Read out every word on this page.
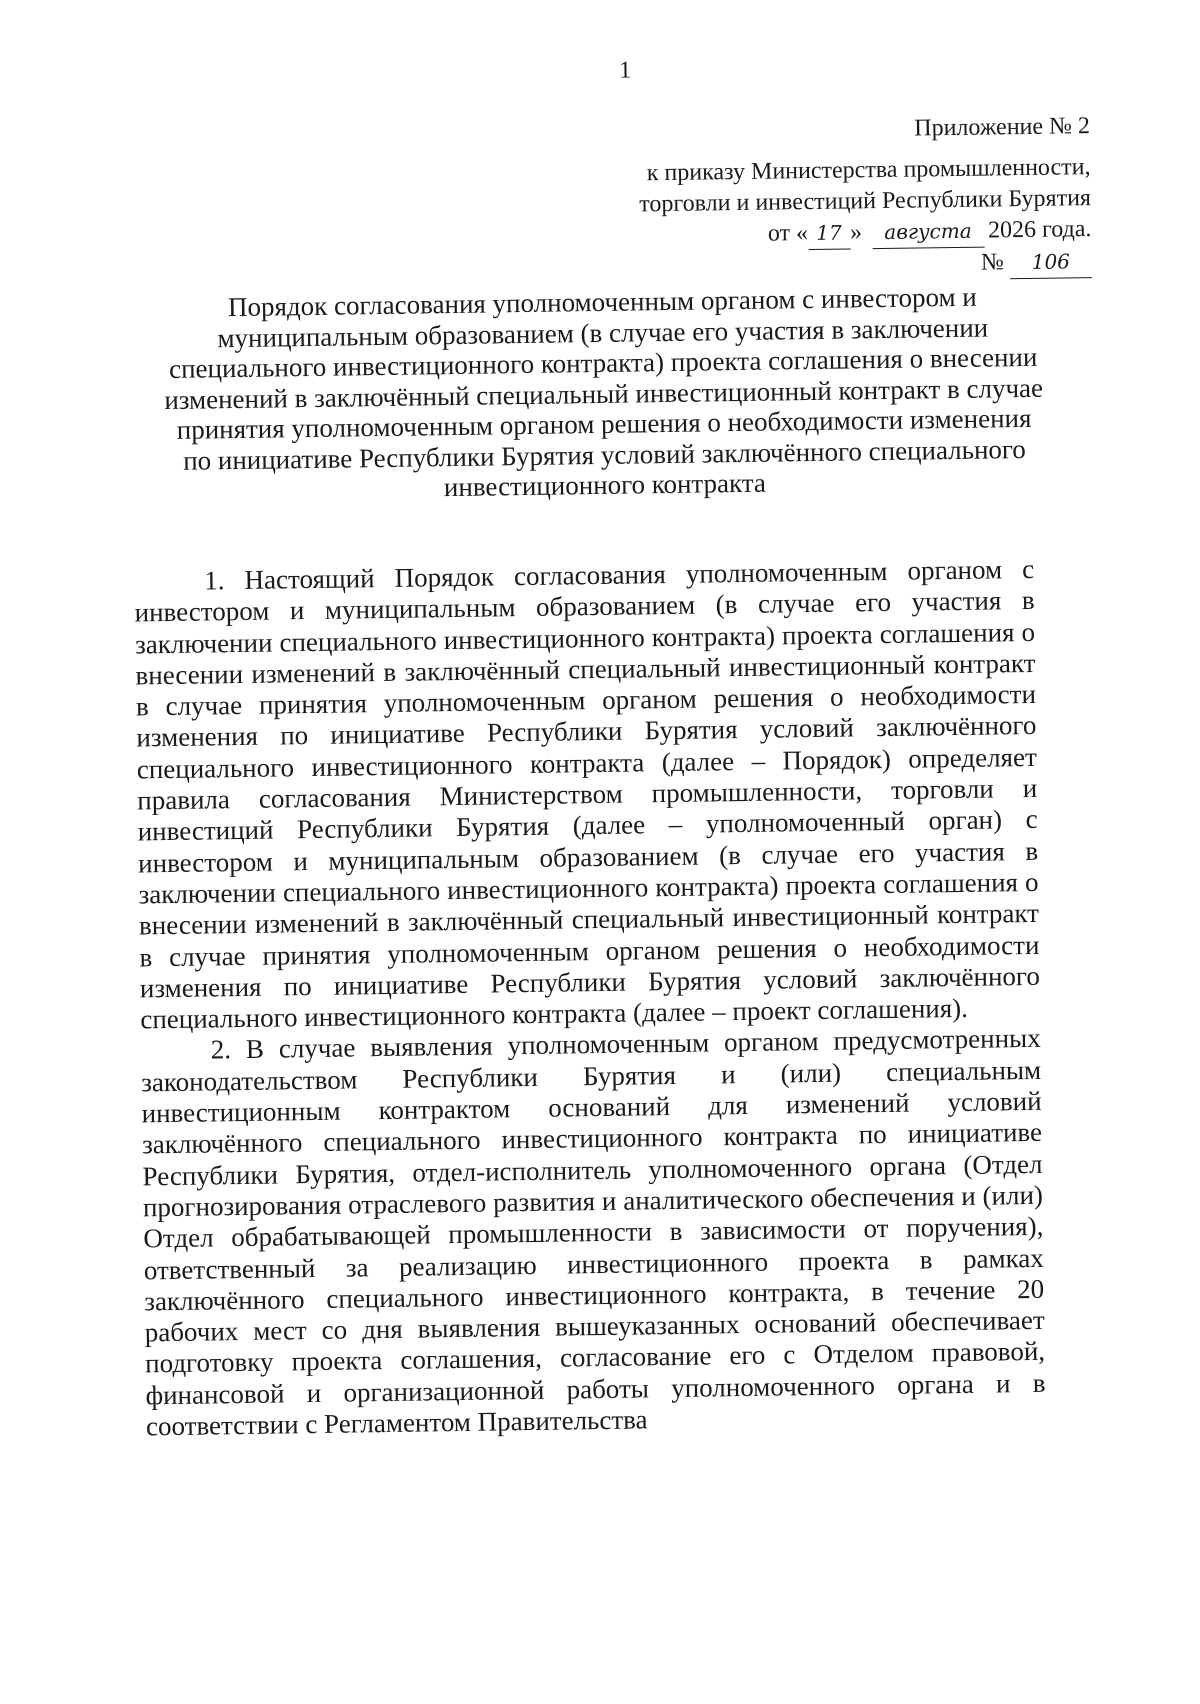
1
Приложение № 2
к приказу Министерства промышленности,
торговли и инвестиций Республики Бурятия
от « 17 » августа 2026 года.
№ 106
Порядок согласования уполномоченным органом с инвестором и муниципальным образованием (в случае его участия в заключении специального инвестиционного контракта) проекта соглашения о внесении изменений в заключённый специальный инвестиционный контракт в случае принятия уполномоченным органом решения о необходимости изменения по инициативе Республики Бурятия условий заключённого специального инвестиционного контракта

1. Настоящий Порядок согласования уполномоченным органом с инвестором и муниципальным образованием (в случае его участия в заключении специального инвестиционного контракта) проекта соглашения о внесении изменений в заключённый специальный инвестиционный контракт в случае принятия уполномоченным органом решения о необходимости изменения по инициативе Республики Бурятия условий заключённого специального инвестиционного контракта (далее – Порядок) определяет правила согласования Министерством промышленности, торговли и инвестиций Республики Бурятия (далее – уполномоченный орган) с инвестором и муниципальным образованием (в случае его участия в заключении специального инвестиционного контракта) проекта соглашения о внесении изменений в заключённый специальный инвестиционный контракт в случае принятия уполномоченным органом решения о необходимости изменения по инициативе Республики Бурятия условий заключённого специального инвестиционного контракта (далее – проект соглашения).

2. В случае выявления уполномоченным органом предусмотренных законодательством Республики Бурятия и (или) специальным инвестиционным контрактом оснований для изменений условий заключённого специального инвестиционного контракта по инициативе Республики Бурятия, отдел-исполнитель уполномоченного органа (Отдел прогнозирования отраслевого развития и аналитического обеспечения и (или) Отдел обрабатывающей промышленности в зависимости от поручения), ответственный за реализацию инвестиционного проекта в рамках заключённого специального инвестиционного контракта, в течение 20 рабочих мест со дня выявления вышеуказанных оснований обеспечивает подготовку проекта соглашения, согласование его с Отделом правовой, финансовой и организационной работы уполномоченного органа и в соответствии с Регламентом Правительства
